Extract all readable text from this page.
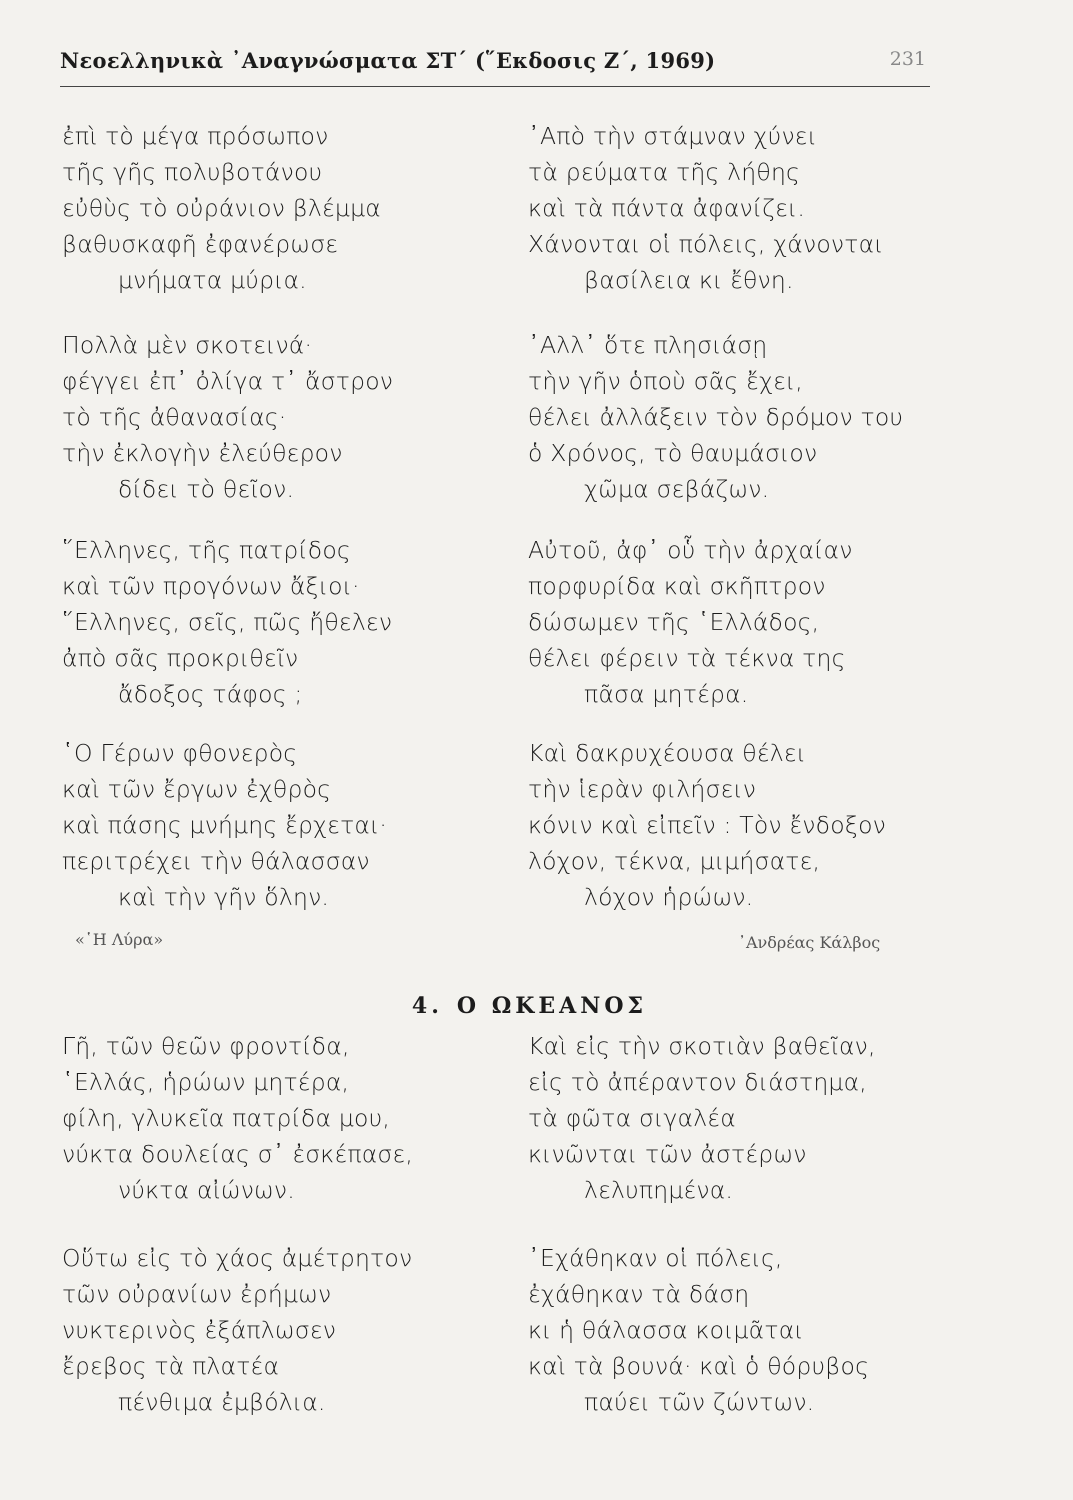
Νεοελληνικὰ ᾿Αναγνώσματα ΣΤ΄ (῞Εκδοσις Ζ΄, 1969)	231
ἐπὶ τὸ μέγα πρόσωπον
τῆς γῆς πολυβοτάνου
εὐθὺς τὸ οὐράνιον βλέμμα
βαθυσκαφῆ ἐφανέρωσε
μνήματα μύρια.
Πολλὰ μὲν σκοτεινά·
φέγγει ἐπ᾿ ὀλίγα τ᾿ ἄστρον
τὸ τῆς ἀθανασίας·
τὴν ἐκλογὴν ἐλεύθερον
δίδει τὸ θεῖον.
῞Ελληνες, τῆς πατρίδος
καὶ τῶν προγόνων ἄξιοι·
῞Ελληνες, σεῖς, πῶς ἤθελεν
ἀπὸ σᾶς προκριθεῖν
ἄδοξος τάφος ;
῾Ο Γέρων φθονερὸς
καὶ τῶν ἔργων ἐχθρὸς
καὶ πάσης μνήμης ἔρχεται·
περιτρέχει τὴν θάλασσαν
καὶ τὴν γῆν ὅλην.
᾿Απὸ τὴν στάμναν χύνει
τὰ ρεύματα τῆς λήθης
καὶ τὰ πάντα ἀφανίζει.
Χάνονται οἱ πόλεις, χάνονται
βασίλεια κι ἔθνη.
᾿Αλλ᾿ ὅτε πλησιάσῃ
τὴν γῆν ὁποὺ σᾶς ἔχει,
θέλει ἀλλάξειν τὸν δρόμον του
ὁ Χρόνος, τὸ θαυμάσιον
χῶμα σεβάζων.
Αὐτοῦ, ἀφ᾿ οὗ τὴν ἀρχαίαν
πορφυρίδα καὶ σκῆπτρον
δώσωμεν τῆς ῾Ελλάδος,
θέλει φέρειν τὰ τέκνα της
πᾶσα μητέρα.
Καὶ δακρυχέουσα θέλει
τὴν ἱερὰν φιλήσειν
κόνιν καὶ εἰπεῖν : Τὸν ἔνδοξον
λόχον, τέκνα, μιμήσατε,
λόχον ἡρώων.
Γῆ, τῶν θεῶν φροντίδα,
῾Ελλάς, ἡρώων μητέρα,
φίλη, γλυκεῖα πατρίδα μου,
νύκτα δουλείας σ᾿ ἐσκέπασε,
νύκτα αἰώνων.
Οὕτω εἰς τὸ χάος ἀμέτρητον
τῶν οὐρανίων ἐρήμων
νυκτερινὸς ἐξάπλωσεν
ἔρεβος τὰ πλατέα
πένθιμα ἐμβόλια.
Καὶ εἰς τὴν σκοτιὰν βαθεῖαν,
εἰς τὸ ἀπέραντον διάστημα,
τὰ φῶτα σιγαλέα
κινῶνται τῶν ἀστέρων
λελυπημένα.
᾿Εχάθηκαν οἱ πόλεις,
ἐχάθηκαν τὰ δάση
κι ἡ θάλασσα κοιμᾶται
καὶ τὰ βουνά· καὶ ὁ θόρυβος
παύει τῶν ζώντων.
«῾Η Λύρα»	᾿Ανδρέας Κάλβος
4. Ο ΩΚΕΑΝΟΣ
